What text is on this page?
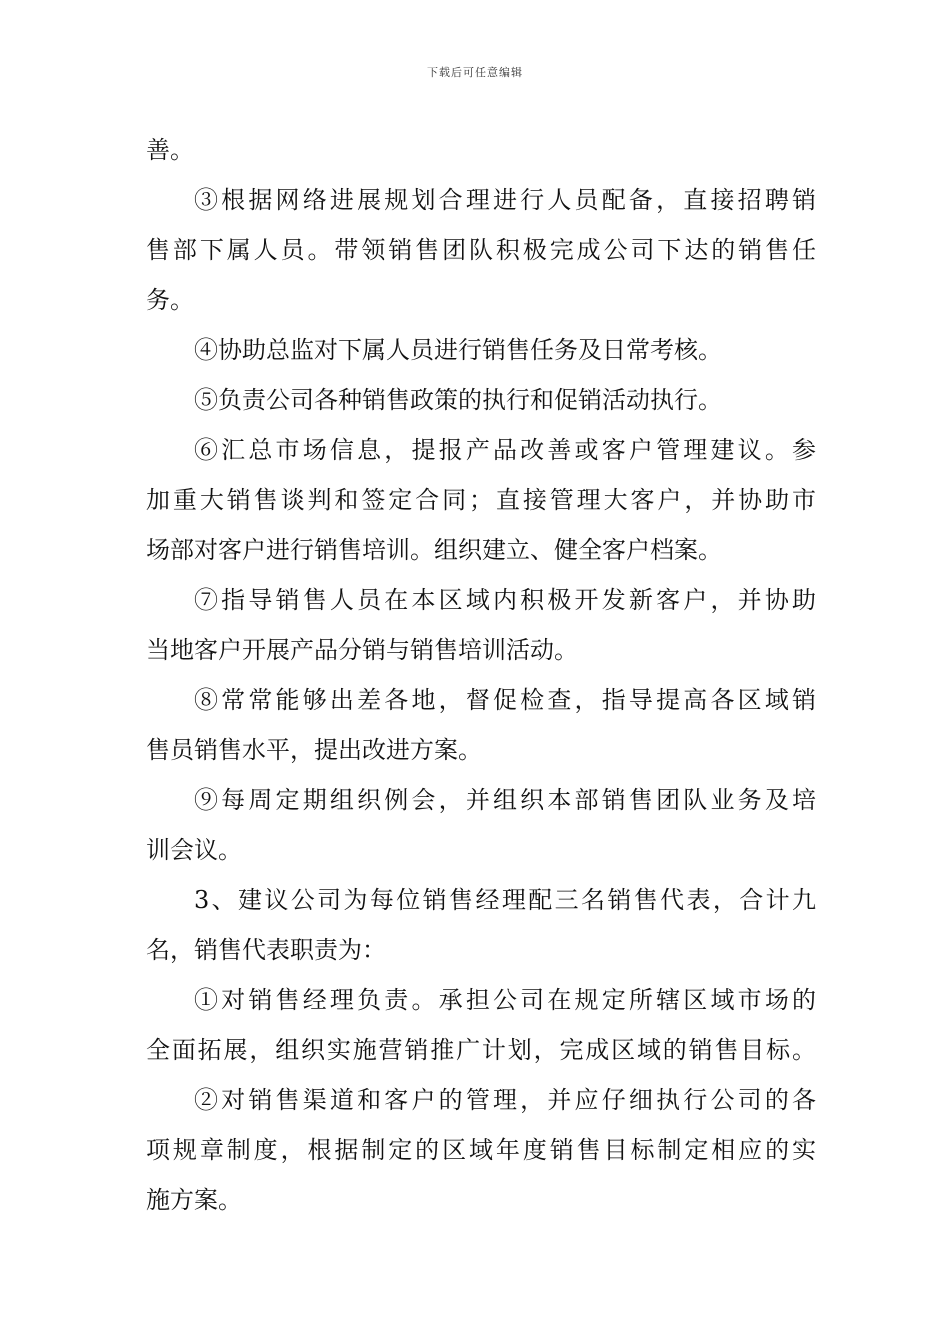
下载后可任意编辑
善。
③根据网络进展规划合理进行人员配备，直接招聘销
售部下属人员。带领销售团队积极完成公司下达的销售任
务。
④协助总监对下属人员进行销售任务及日常考核。
⑤负责公司各种销售政策的执行和促销活动执行。
⑥汇总市场信息，提报产品改善或客户管理建议。参
加重大销售谈判和签定合同；直接管理大客户，并协助市
场部对客户进行销售培训。组织建立、健全客户档案。
⑦指导销售人员在本区域内积极开发新客户，并协助
当地客户开展产品分销与销售培训活动。
⑧常常能够出差各地，督促检查，指导提高各区域销
售员销售水平，提出改进方案。
⑨每周定期组织例会，并组织本部销售团队业务及培
训会议。
3、建议公司为每位销售经理配三名销售代表，合计九
名，销售代表职责为：
①对销售经理负责。承担公司在规定所辖区域市场的
全面拓展，组织实施营销推广计划，完成区域的销售目标。
②对销售渠道和客户的管理，并应仔细执行公司的各
项规章制度，根据制定的区域年度销售目标制定相应的实
施方案。
